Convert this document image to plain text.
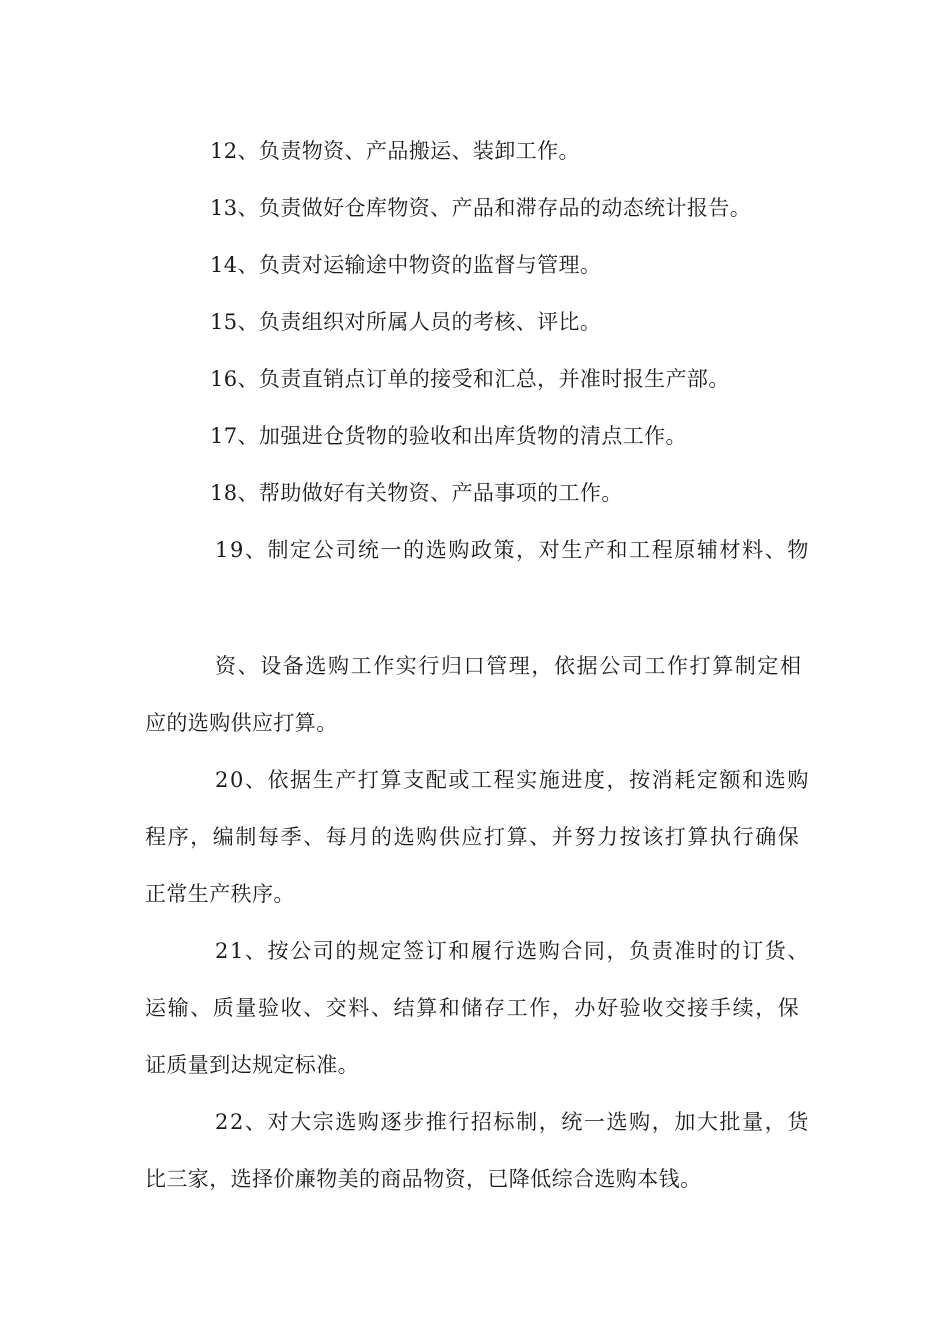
12、负责物资、产品搬运、装卸工作。
13、负责做好仓库物资、产品和滞存品的动态统计报告。
14、负责对运输途中物资的监督与管理。
15、负责组织对所属人员的考核、评比。
16、负责直销点订单的接受和汇总，并准时报生产部。
17、加强进仓货物的验收和出库货物的清点工作。
18、帮助做好有关物资、产品事项的工作。
19、制定公司统一的选购政策，对生产和工程原辅材料、物
资、设备选购工作实行归口管理，依据公司工作打算制定相
应的选购供应打算。
20、依据生产打算支配或工程实施进度，按消耗定额和选购
程序，编制每季、每月的选购供应打算、并努力按该打算执行确保
正常生产秩序。
21、按公司的规定签订和履行选购合同，负责准时的订货、
运输、质量验收、交料、结算和储存工作，办好验收交接手续，保
证质量到达规定标准。
22、对大宗选购逐步推行招标制，统一选购，加大批量，货
比三家，选择价廉物美的商品物资，已降低综合选购本钱。
